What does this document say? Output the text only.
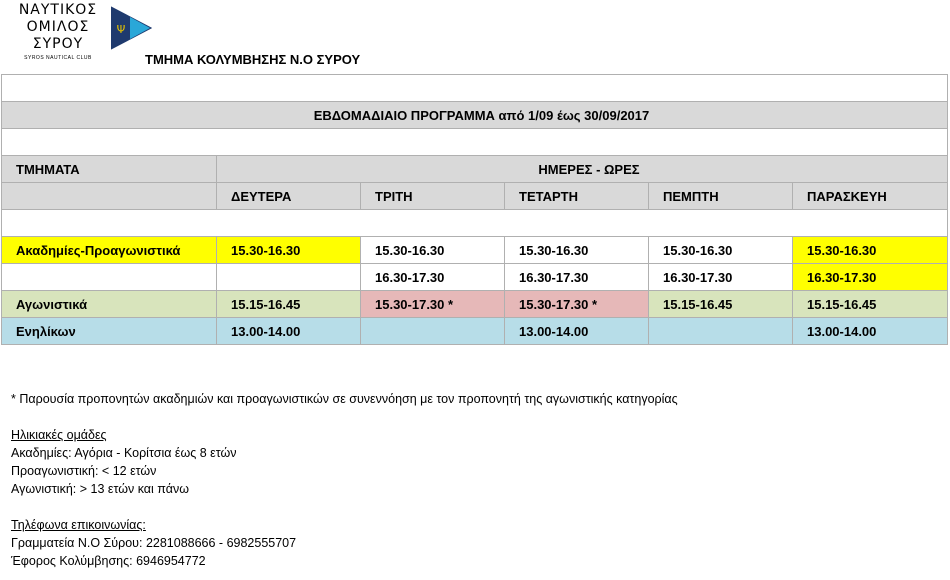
ΝΑΥΤΙΚΟΣ
ΟΜΙΛΟΣ
ΣΥΡΟΥ
SYROS NAUTICAL CLUB
Ψ
ΤΜΗΜΑ ΚΟΛΥΜΒΗΣΗΣ Ν.Ο ΣΥΡΟΥ

ΕΒΔΟΜΑΔΙΑΙΟ ΠΡΟΓΡΑΜΜΑ από 1/09 έως 30/09/2017					

ΤΜΗΜΑΤΑ	ΗΜΕΡΕΣ - ΩΡΕΣ				
	ΔΕΥΤΕΡΑ	ΤΡΙΤΗ	ΤΕΤΑΡΤΗ	ΠΕΜΠΤΗ	ΠΑΡΑΣΚΕΥΗ

Ακαδημίες-Προαγωνιστικά	15.30-16.30	15.30-16.30	15.30-16.30	15.30-16.30	15.30-16.30
		16.30-17.30	16.30-17.30	16.30-17.30	16.30-17.30
Αγωνιστικά	15.15-16.45	15.30-17.30 *	15.30-17.30 *	15.15-16.45	15.15-16.45
Ενηλίκων	13.00-14.00		13.00-14.00		13.00-14.00
* Παρουσία προπονητών ακαδημιών και προαγωνιστικών σε συνεννόηση με τον προπονητή της αγωνιστικής κατηγορίας
Ηλικιακές ομάδες
Ακαδημίες: Αγόρια - Κορίτσια έως 8 ετών
Προαγωνιστική: < 12 ετών
Αγωνιστική: > 13 ετών και πάνω
Τηλέφωνα επικοινωνίας:
Γραμματεία Ν.Ο Σύρου: 2281088666 - 6982555707
Έφορος Κολύμβησης: 6946954772
